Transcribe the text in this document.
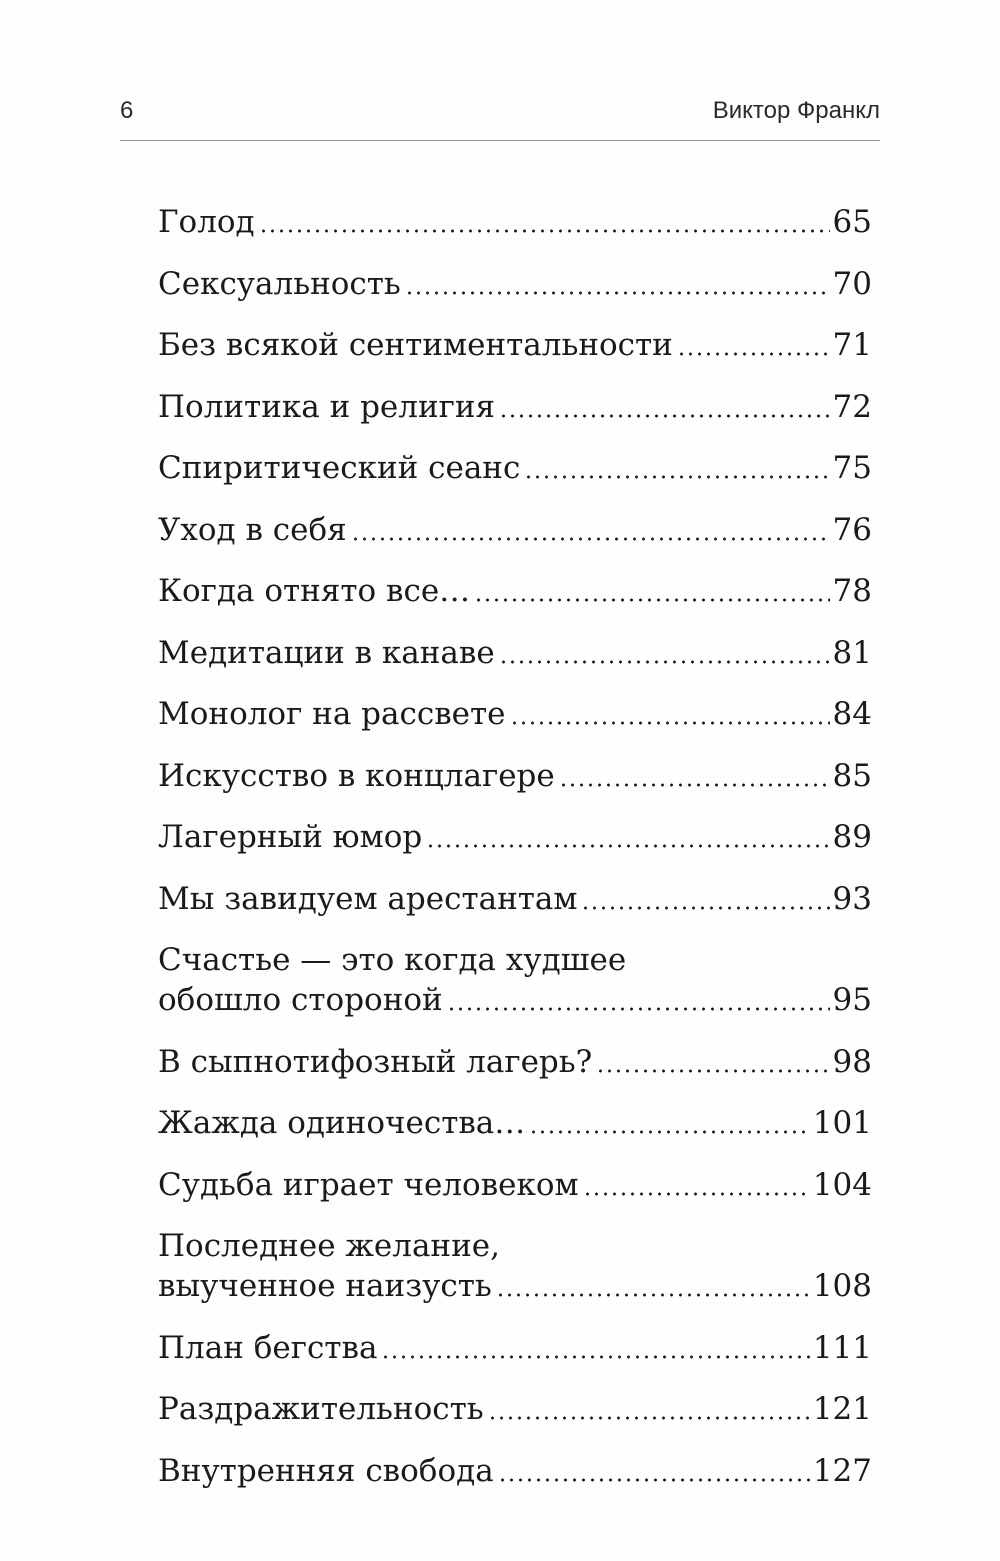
6	Виктор Франкл
Голод	65
Сексуальность	70
Без всякой сентиментальности	71
Политика и религия	72
Спиритический сеанс	75
Уход в себя	76
Когда отнято все…	78
Медитации в канаве	81
Монолог на рассвете	84
Искусство в концлагере	85
Лагерный юмор	89
Мы завидуем арестантам	93
Счастье — это когда худшее
обошло стороной	95
В сыпнотифозный лагерь?	98
Жажда одиночества…	101
Судьба играет человеком	104
Последнее желание,
выученное наизусть	108
План бегства	111
Раздражительность	121
Внутренняя свобода	127
